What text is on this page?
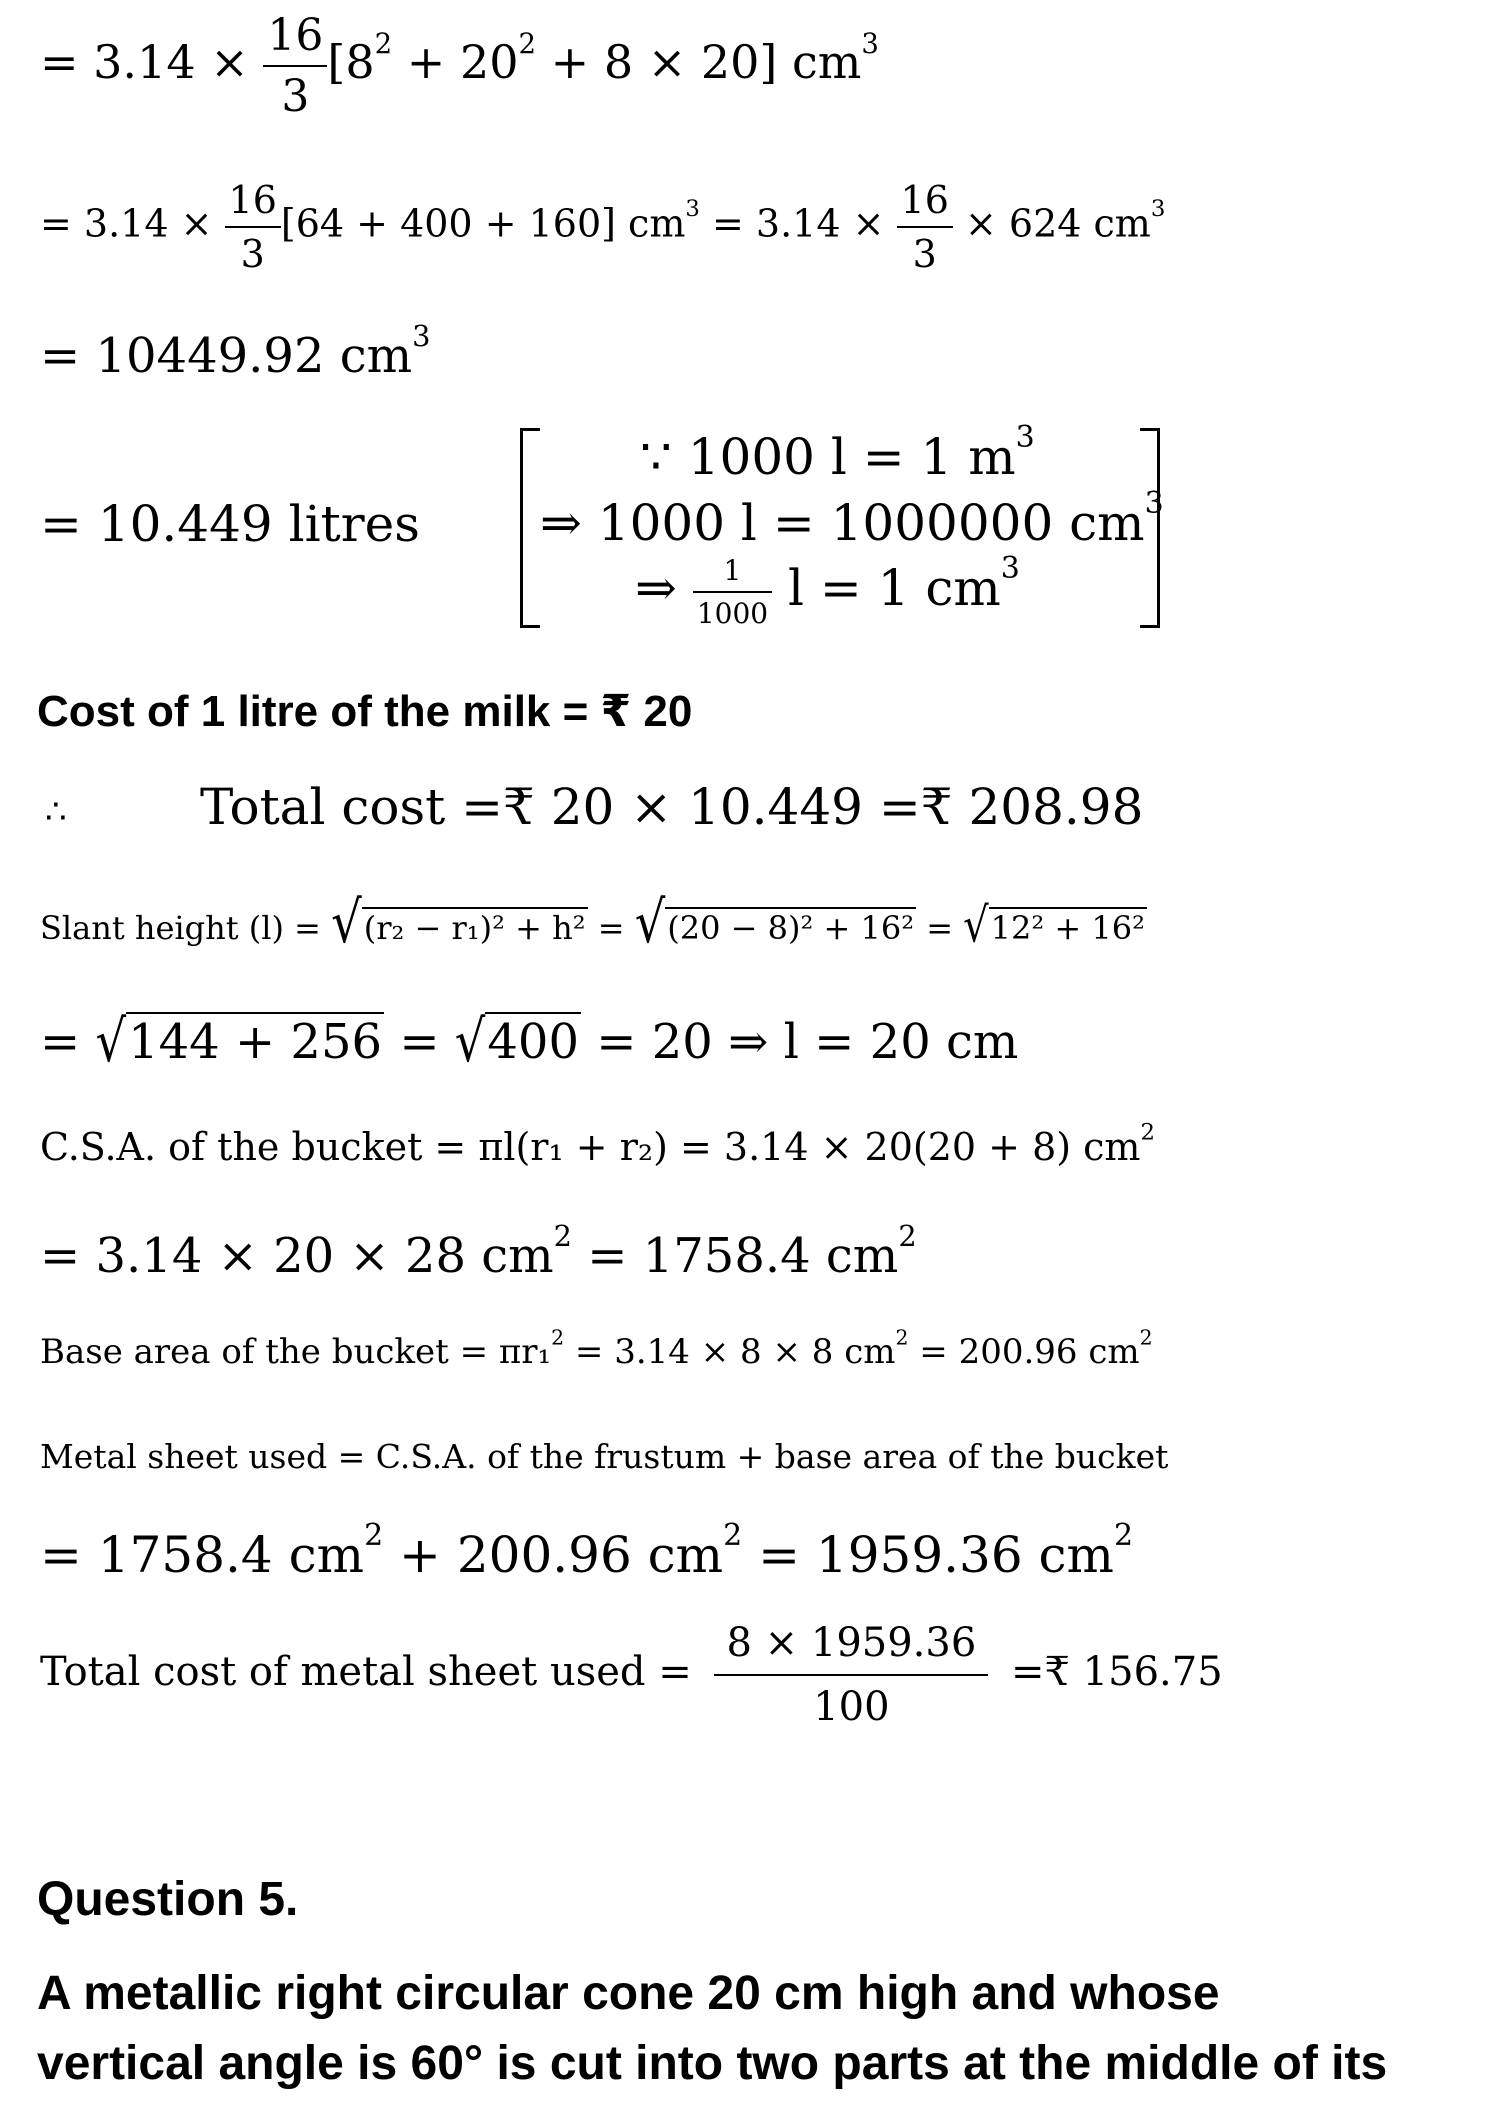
= $3.14 \times \frac{16}{3} [8^2 + 20^2 + 8 \times 20]$ $cm^3$
= $3.14 \times \frac{16}{3} [64 + 400 + 160] cm^3 = 3.14 \times \frac{16}{3} \times 624$ $cm^3$
= 10449.92 $cm^3$
= 10.449 litres
∵ 1000 l = 1 $m^3$
⇒ 1000 l = 1000000 $cm^3$
⇒ $\frac{1}{1000}$ l = 1 $cm^3$
Cost of 1 litre of the milk = ₹ 20
∴	Total cost =₹ 20 × 10.449 =₹ 208.98
Slant height (l) = √(r₂ − r₁)² + h² = √(20 − 8)² + 16² = √12² + 16²
= √144 + 256 = √400 = 20 ⇒ l = 20 cm
C.S.A. of the bucket = πl(r₁ + r₂) = 3.14 × 20(20 + 8) $cm^2$
= 3.14 × 20 × 28 $cm^2 = 1758.4$ $cm^2$
Base area of the bucket = πr₁$^2$ = 3.14 × 8 × 8 $cm^2 = 200.96$ $cm^2$
Metal sheet used = C.S.A. of the frustum + base area of the bucket
= 1758.4 $cm^2 + 200.96$ $cm^2 = 1959.36$ $cm^2$
Total cost of metal sheet used = $\frac{8 \times 1959.36}{100}$ =₹ 156.75
Question 5.
A metallic right circular cone 20 cm high and whose
vertical angle is 60° is cut into two parts at the middle of its
